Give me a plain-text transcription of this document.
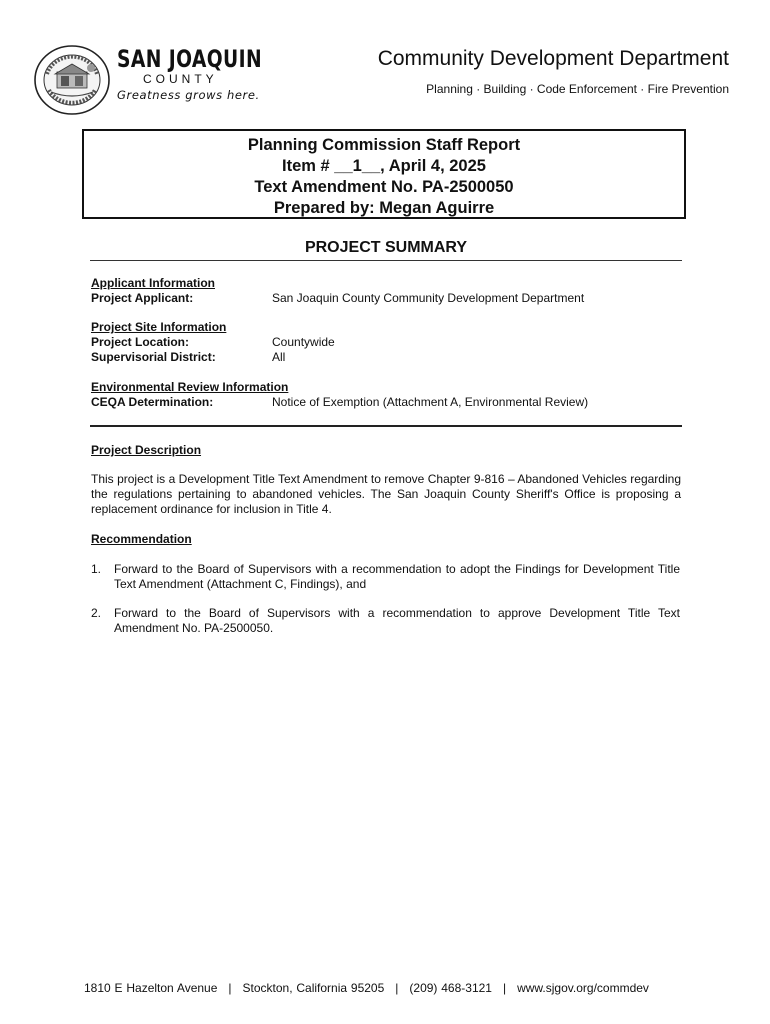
SAN JOAQUIN
COUNTY
Greatness grows here.
Community Development Department
Planning · Building · Code Enforcement · Fire Prevention
Planning Commission Staff Report
Item # __1__, April 4, 2025
Text Amendment No. PA-2500050
Prepared by: Megan Aguirre
PROJECT SUMMARY
Applicant Information
Project Applicant:	San Joaquin County Community Development Department
Project Site Information
Project Location:	Countywide
Supervisorial District:	All
Environmental Review Information
CEQA Determination:	Notice of Exemption (Attachment A, Environmental Review)
Project Description
This project is a Development Title Text Amendment to remove Chapter 9-816 – Abandoned Vehicles regarding the regulations pertaining to abandoned vehicles. The San Joaquin County Sheriff's Office is proposing a replacement ordinance for inclusion in Title 4.
Recommendation
1. Forward to the Board of Supervisors with a recommendation to adopt the Findings for Development Title Text Amendment (Attachment C, Findings), and
2. Forward to the Board of Supervisors with a recommendation to approve Development Title Text Amendment No. PA-2500050.
1810 E Hazelton Avenue | Stockton, California 95205 | (209) 468-3121 | www.sjgov.org/commdev
